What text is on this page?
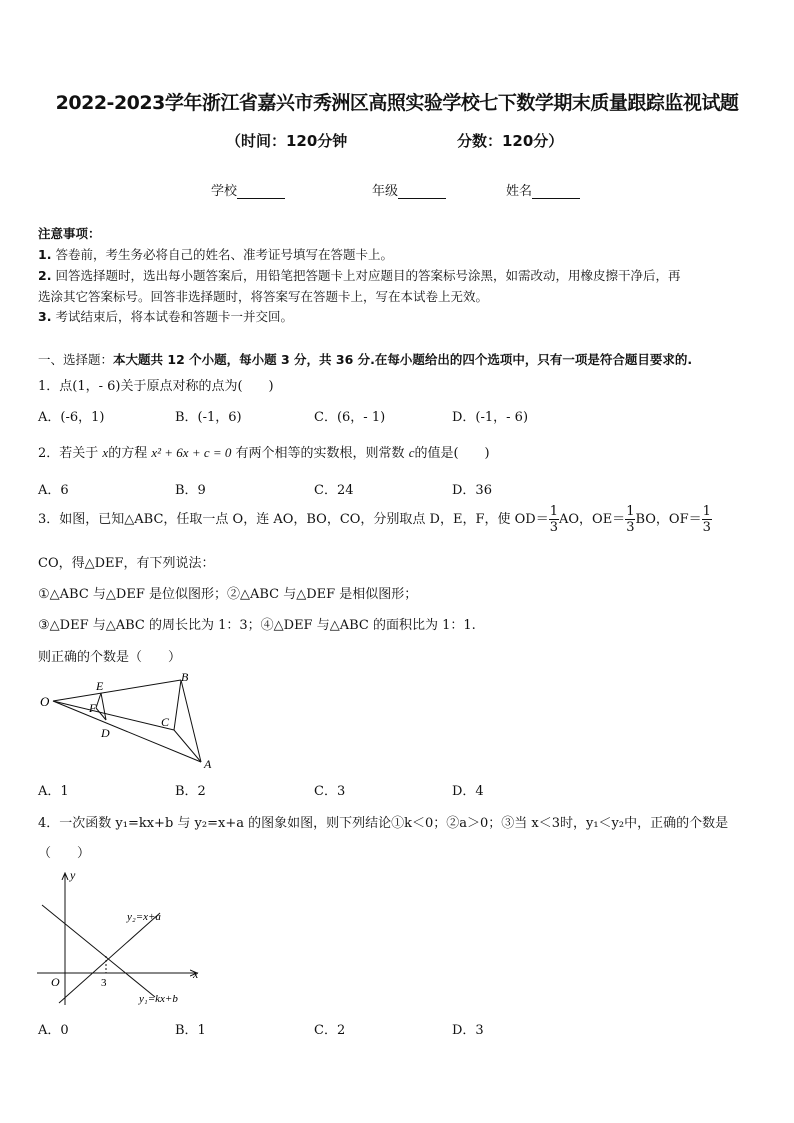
2022-2023学年浙江省嘉兴市秀洲区高照实验学校七下数学期末质量跟踪监视试题
（时间：120分钟	分数：120分）
学校	年级	姓名
注意事项：
1. 答卷前，考生务必将自己的姓名、准考证号填写在答题卡上。
2. 回答选择题时，选出每小题答案后，用铅笔把答题卡上对应题目的答案标号涂黑，如需改动，用橡皮擦干净后，再
选涂其它答案标号。回答非选择题时，将答案写在答题卡上，写在本试卷上无效。
3. 考试结束后，将本试卷和答题卡一并交回。
一、选择题：本大题共 12 个小题，每小题 3 分，共 36 分.在每小题给出的四个选项中，只有一项是符合题目要求的.
1．点(1，- 6)关于原点对称的点为(　　)
A．(-6，1)	B．(-1，6)	C．(6，- 1)	D．(-1，- 6)
2．若关于 x的方程 x² + 6x + c = 0 有两个相等的实数根，则常数 c的值是(　　)
A．6	B．9	C．24	D．36
3．如图，已知△ABC，任取一点 O，连 AO，BO，CO，分别取点 D，E，F，使 $OD= \frac{1}{3}$ AO，$OE= \frac{1}{3}$ BO，$OF= \frac{1}{3}$
CO，得△DEF，有下列说法：
①△ABC 与△DEF 是位似图形；②△ABC 与△DEF 是相似图形；
③△DEF 与△ABC 的周长比为 1：3；④△DEF 与△ABC 的面积比为 1：1.
则正确的个数是（　　）
O
E
F
D
B
C
A
A．1	B．2	C．3	D．4
4．一次函数 y₁=kx+b 与 y₂=x+a 的图象如图，则下列结论①k＜0；②a＞0；③当 x＜3时，y₁＜y₂中，正确的个数是
（　　）
y
x
O	3
y₂=x+a
y₁=kx+b
A．0	B．1	C．2	D．3
